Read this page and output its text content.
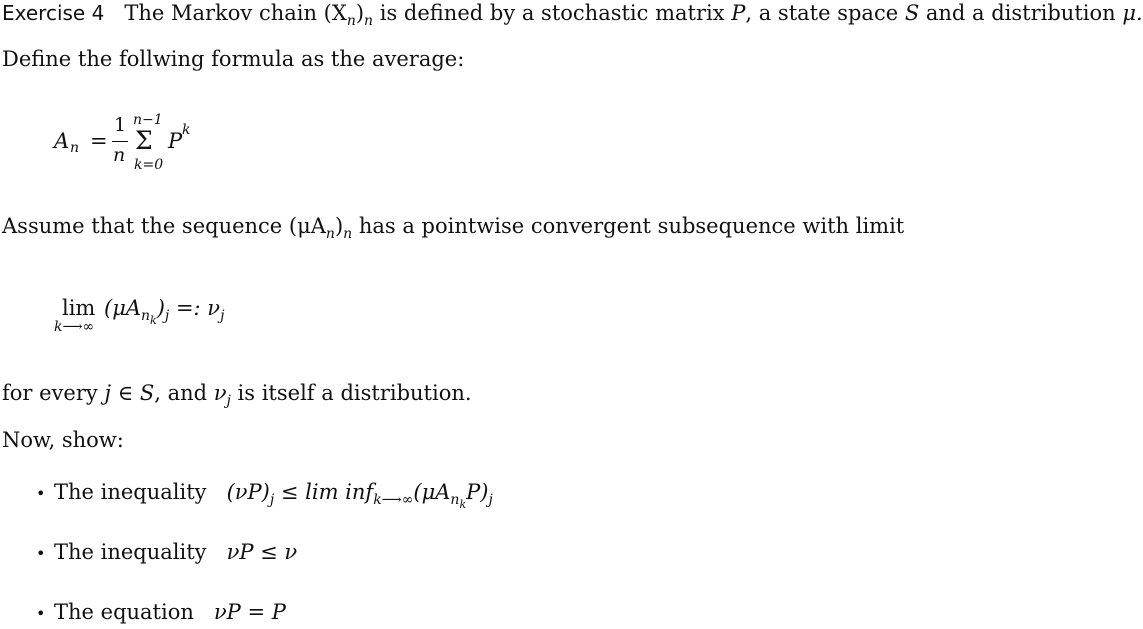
Exercise 4 The Markov chain $(X_n)_n$ is defined by a stochastic matrix P, a state space S and a distribution μ.
Define the follwing formula as the average:
A n =
1
n
n−1
Σ
k=0
P k
Assume that the sequence $(\mu A_n)_n$ has a pointwise convergent subsequence with limit
lim
k⟶∞
$(\mu A_{nk})_j$ =: $\nu_j$
for every j ∈ S, and $\nu_j$ is itself a distribution.
Now, show:
• The inequality $(\nu P)_j \le \lim inf_{k⟶\infty}(\mu A_{nk}P)_j$
• The inequality νP ≤ ν
• The equation νP = P
